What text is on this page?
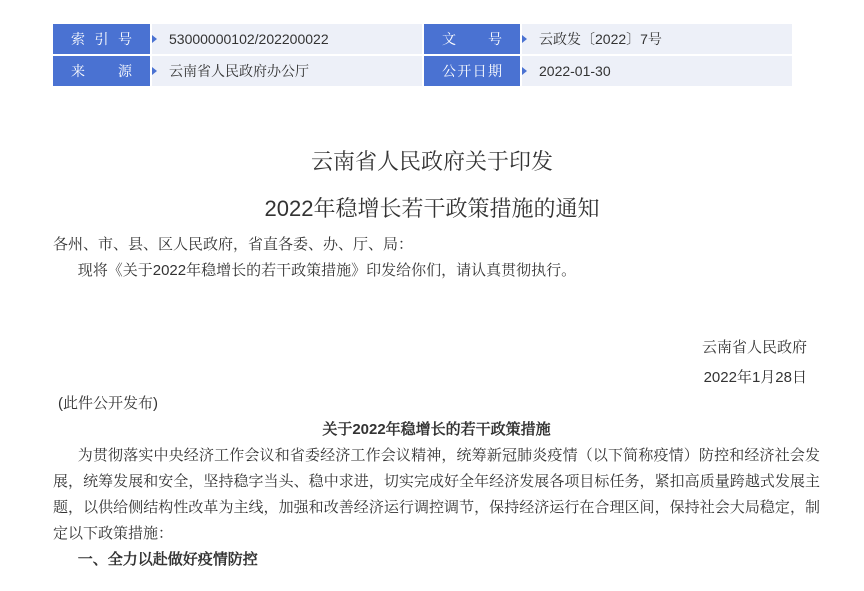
索引号	53000000102/202200022	文号	云政发〔2022〕7号
来源	云南省人民政府办公厅	公开日期	2022-01-30
云南省人民政府关于印发
2022年稳增长若干政策措施的通知

各州、市、县、区人民政府，省直各委、办、厅、局：

现将《关于2022年稳增长的若干政策措施》印发给你们，请认真贯彻执行。

云南省人民政府

2022年1月28日

(此件公开发布)

关于2022年稳增长的若干政策措施

为贯彻落实中央经济工作会议和省委经济工作会议精神，统筹新冠肺炎疫情（以下简称疫情）防控和经济社会发展，统筹发展和安全，坚持稳字当头、稳中求进，切实完成好全年经济发展各项目标任务，紧扣高质量跨越式发展主题，以供给侧结构性改革为主线，加强和改善经济运行调控调节，保持经济运行在合理区间，保持社会大局稳定，制定以下政策措施：

一、全力以赴做好疫情防控
